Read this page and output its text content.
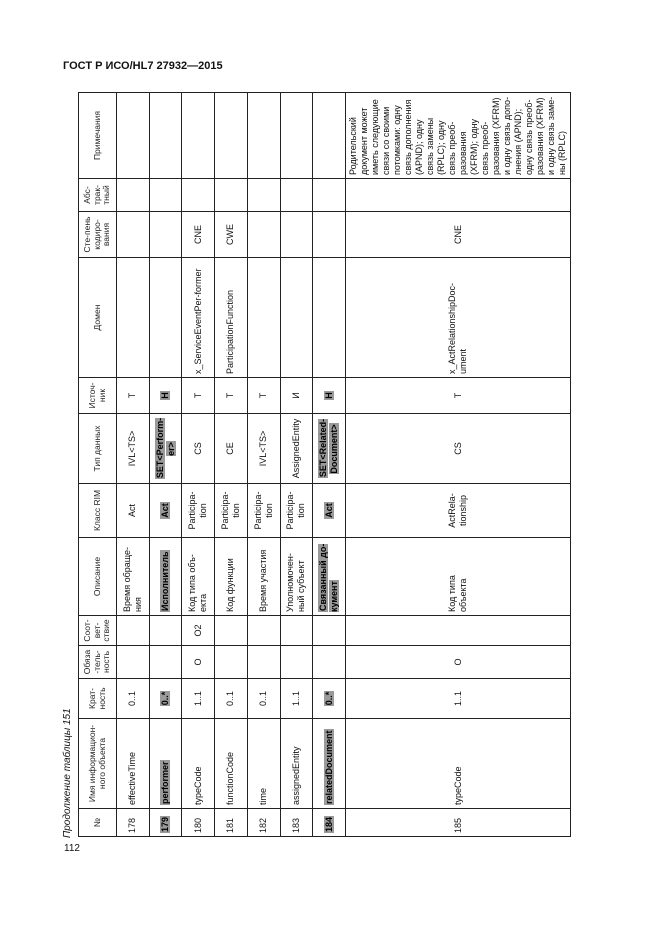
ГОСТ Р ИСО/HL7 27932—2015
№	Имя информацион-ного объекта	Крат-ность	Обяза-тель-ность	Соот-вет-ствие	Описание	Класс RIM	Тип данных	Источ-ник	Домен	Сте-пень кодиро-вания	Абс-трак-тный	Примечания
178	effectiveTime	0..1			Время обраще-ния	Act	IVL<TS>	T				
179	performer	0..*			Исполнитель	Act	SET<Perform-er>	H				
180	typeCode	1..1	O	O2	Код типа объ-екта	Participa-tion	CS	T	x_ServiceEventPer-former	CNE		
181	functionCode	0..1			Код функции	Participa-tion	CE	T	ParticipationFunction	CWE		
182	time	0..1			Время участия	Participa-tion	IVL<TS>	T				
183	assignedEntity	1..1			Уполномочен-ный субъект	Participa-tion	AssignedEntity	И				
184	relatedDocument	0..*			Связанный до-кумент	Act	SET<Related-Document>	H				
185	typeCode	1..1	O		Код типа объекта	ActRela-tionship	CS	T	x_ActRelationshipDoc-ument	CNE		Родительский документ может иметь следующие связи со своими потомками: одну связь дополнения (APND); одну связь замены (RPLC); одну связь преоб-разования (XFRM); одну связь преоб-разования (XFRM) и одну связь допо-лнения (APND); одну связь преоб-разования (XFRM) и одну связь заме-ны (RPLC)
Продолжение таблицы 151
112
